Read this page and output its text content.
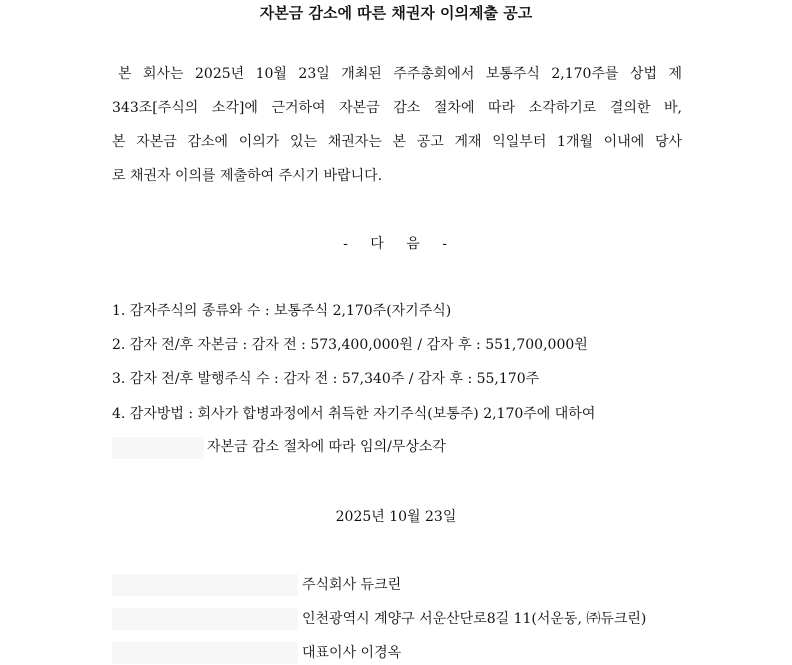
자본금 감소에 따른 채권자 이의제출 공고
본 회사는 2025년 10월 23일 개최된 주주총회에서 보통주식 2,170주를 상법 제
343조[주식의 소각]에 근거하여 자본금 감소 절차에 따라 소각하기로 결의한 바,
본 자본금 감소에 이의가 있는 채권자는 본 공고 게재 익일부터 1개월 이내에 당사
로 채권자 이의를 제출하여 주시기 바랍니다.
- 다 음 -
1. 감자주식의 종류와 수 : 보통주식 2,170주(자기주식)
2. 감자 전/후 자본금 : 감자 전 : 573,400,000원 / 감자 후 : 551,700,000원
3. 감자 전/후 발행주식 수 : 감자 전 : 57,340주 / 감자 후 : 55,170주
4. 감자방법 : 회사가 합병과정에서 취득한 자기주식(보통주) 2,170주에 대하여
자본금 감소 절차에 따라 임의/무상소각
2025년 10월 23일
주식회사 듀크린
인천광역시 계양구 서운산단로8길 11(서운동, ㈜듀크린)
대표이사 이경옥
